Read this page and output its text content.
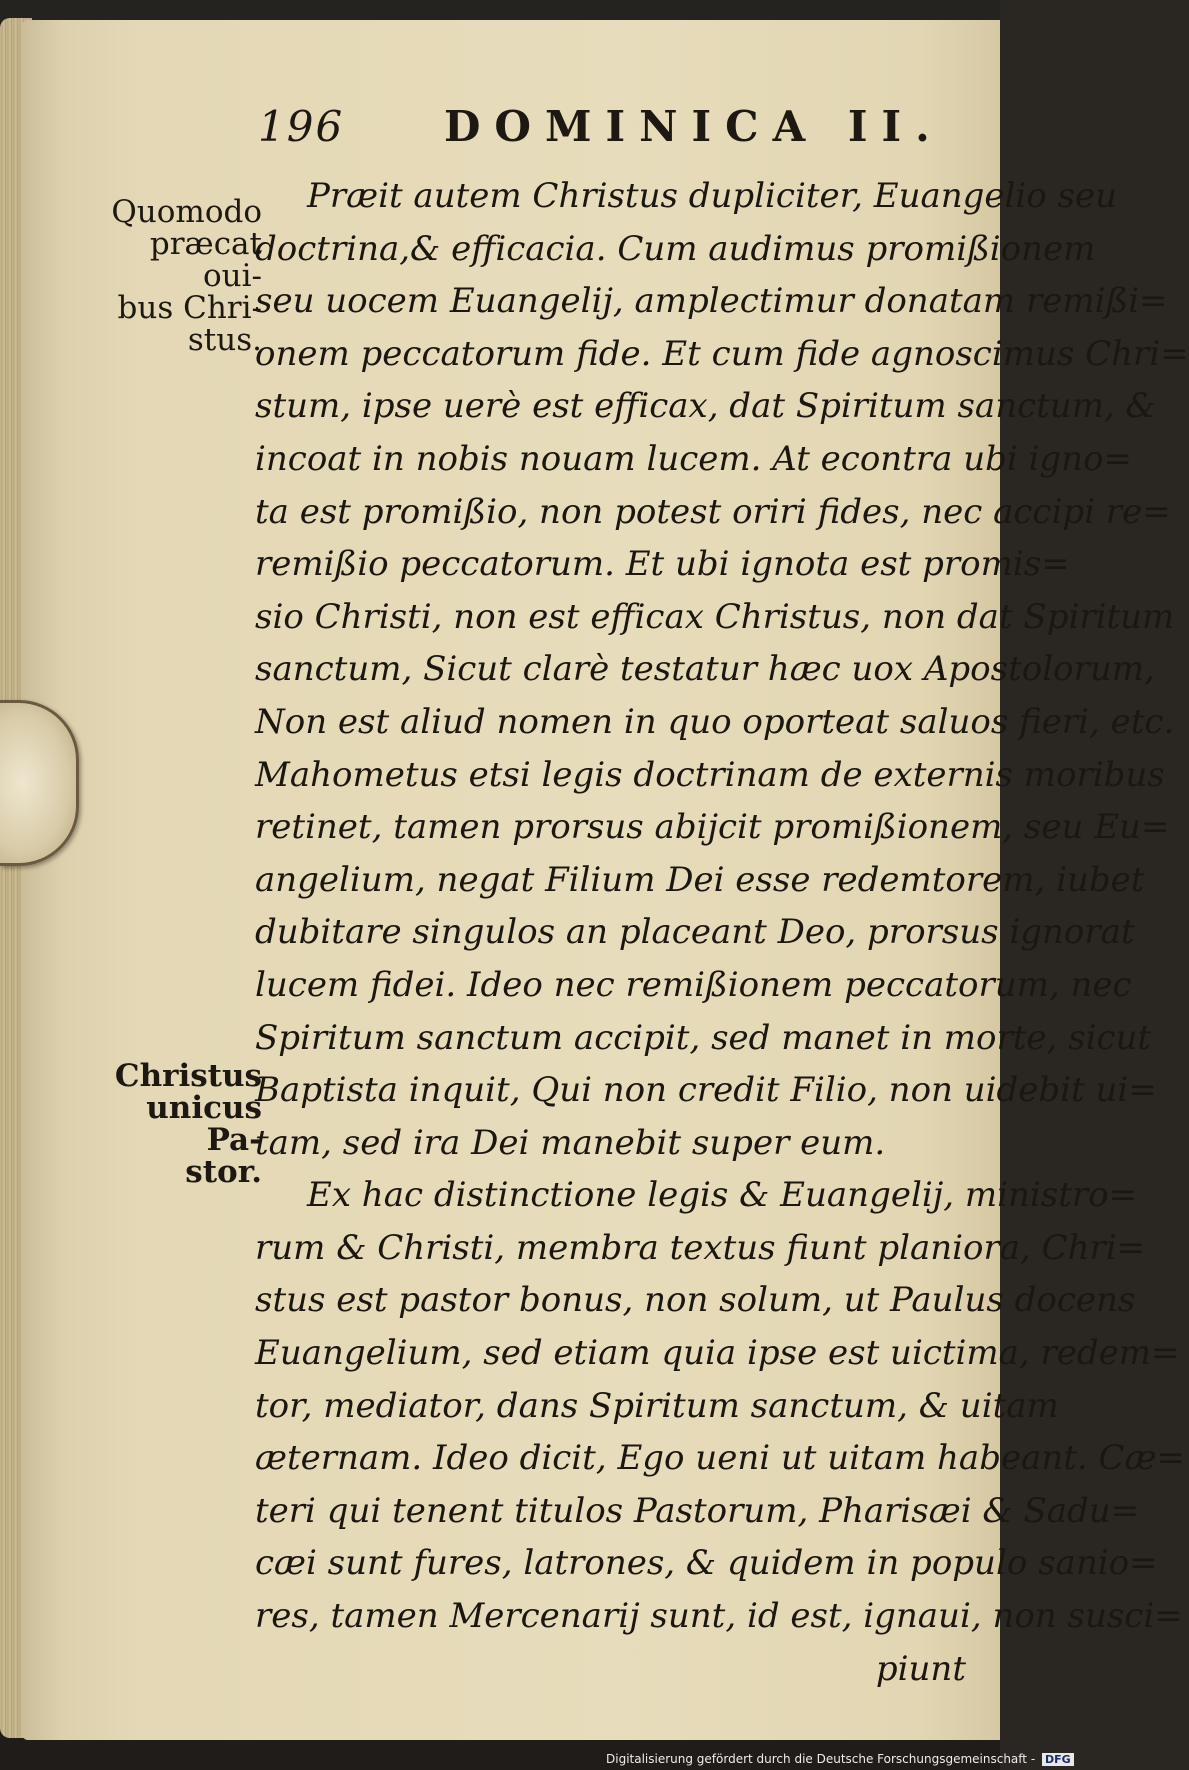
196 DOMINICA II.
Quomodo
præcat oui-
bus Chri-
stus.
Christus
unicus Pa-
stor.
Præit autem Christus dupliciter, Euangelio seu
doctrina,& efficacia. Cum audimus promißionem
seu uocem Euangelij, amplectimur donatam remißi=
onem peccatorum fide. Et cum fide agnoscimus Chri=
stum, ipse uerè est efficax, dat Spiritum sanctum, &
incoat in nobis nouam lucem. At econtra ubi igno=
ta est promißio, non potest oriri fides, nec accipi re=
remißio peccatorum. Et ubi ignota est promis=
sio Christi, non est efficax Christus, non dat Spiritum
sanctum, Sicut clarè testatur hæc uox Apostolorum,
Non est aliud nomen in quo oporteat saluos fieri, etc.
Mahometus etsi legis doctrinam de externis moribus
retinet, tamen prorsus abijcit promißionem, seu Eu=
angelium, negat Filium Dei esse redemtorem, iubet
dubitare singulos an placeant Deo, prorsus ignorat
lucem fidei. Ideo nec remißionem peccatorum, nec
Spiritum sanctum accipit, sed manet in morte, sicut
Baptista inquit, Qui non credit Filio, non uidebit ui=
tam, sed ira Dei manebit super eum.
Ex hac distinctione legis & Euangelij, ministro=
rum & Christi, membra textus fiunt planiora, Chri=
stus est pastor bonus, non solum, ut Paulus docens
Euangelium, sed etiam quia ipse est uictima, redem=
tor, mediator, dans Spiritum sanctum, & uitam
æternam. Ideo dicit, Ego ueni ut uitam habeant. Cæ=
teri qui tenent titulos Pastorum, Pharisæi & Sadu=
cæi sunt fures, latrones, & quidem in populo sanio=
res, tamen Mercenarij sunt, id est, ignaui, non susci=
piunt
Digitalisierung gefördert durch die Deutsche Forschungsgemeinschaft - DFG
